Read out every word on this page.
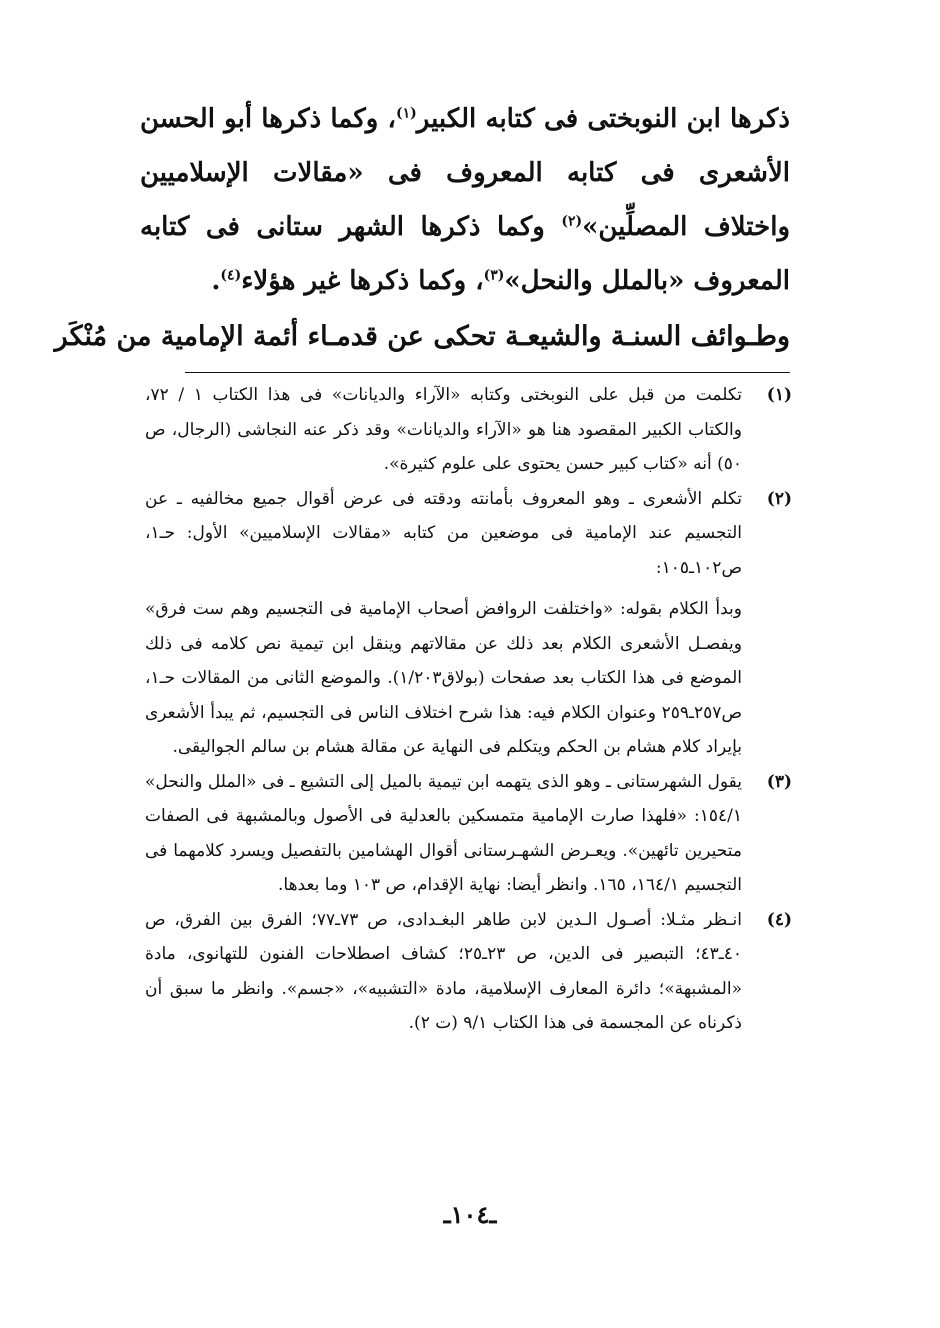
ذكرها ابن النوبختى فى كتابه الكبير$^{(١)}$، وكما ذكرها أبو الحسن الأشعرى فى كتابه المعروف فى «مقالات الإسلاميين واختلاف المصلِّين»$^{(٢)}$ وكما ذكرها الشهر ستانى فى كتابه المعروف «بالملل والنحل»$^{(٣)}$، وكما ذكرها غير هؤلاء$^{(٤)}$.

وطـوائف السنـة والشيعـة تحكى عن قدمـاء أئمة الإمامية من مُنْكَر

(١)

تكلمت من قبل على النوبختى وكتابه «الآراء والديانات» فى هذا الكتاب ١ / ٧٢، والكتاب الكبير المقصود هنا هو «الآراء والديانات» وقد ذكر عنه النجاشى (الرجال، ص ٥٠) أنه «كتاب كبير حسن يحتوى على علوم كثيرة».

(٢)

تكلم الأشعرى ـ وهو المعروف بأمانته ودقته فى عرض أقوال جميع مخالفيه ـ عن التجسيم عند الإمامية فى موضعين من كتابه «مقالات الإسلاميين» الأول: حـ١، ص١٠٢ـ١٠٥:

وبدأ الكلام بقوله: «واختلفت الروافض أصحاب الإمامية فى التجسيم وهم ست فرق» ويفصـل الأشعرى الكلام بعد ذلك عن مقالاتهم وينقل ابن تيمية نص كلامه فى ذلك الموضع فى هذا الكتاب بعد صفحات (بولاق١/٢٠٣). والموضع الثانى من المقالات حـ١، ص٢٥٧ـ٢٥٩ وعنوان الكلام فيه: هذا شرح اختلاف الناس فى التجسيم، ثم يبدأ الأشعرى بإيراد كلام هشام بن الحكم ويتكلم فى النهاية عن مقالة هشام بن سالم الجواليقى.

(٣)

يقول الشهرستانى ـ وهو الذى يتهمه ابن تيمية بالميل إلى التشيع ـ فى «الملل والنحل» ١٥٤/١: «فلهذا صارت الإمامية متمسكين بالعدلية فى الأصول وبالمشبهة فى الصفات متحيرين تائهين». ويعـرض الشهـرستانى أقوال الهشامين بالتفصيل ويسرد كلامهما فى التجسيم ١٦٤/١، ١٦٥. وانظر أيضا: نهاية الإقدام، ص ١٠٣ وما بعدها.

(٤)

انـظر مثـلا: أصـول الـدين لابن طاهر البغـدادى، ص ٧٣ـ٧٧؛ الفرق بين الفرق، ص ٤٠ـ٤٣؛ التبصير فى الدين، ص ٢٣ـ٢٥؛ كشاف اصطلاحات الفنون للتهانوى، مادة «المشبهة»؛ دائرة المعارف الإسلامية، مادة «التشبيه»، «جسم». وانظر ما سبق أن ذكرناه عن المجسمة فى هذا الكتاب ٩/١ (ت ٢).

ـ١٠٤ـ
